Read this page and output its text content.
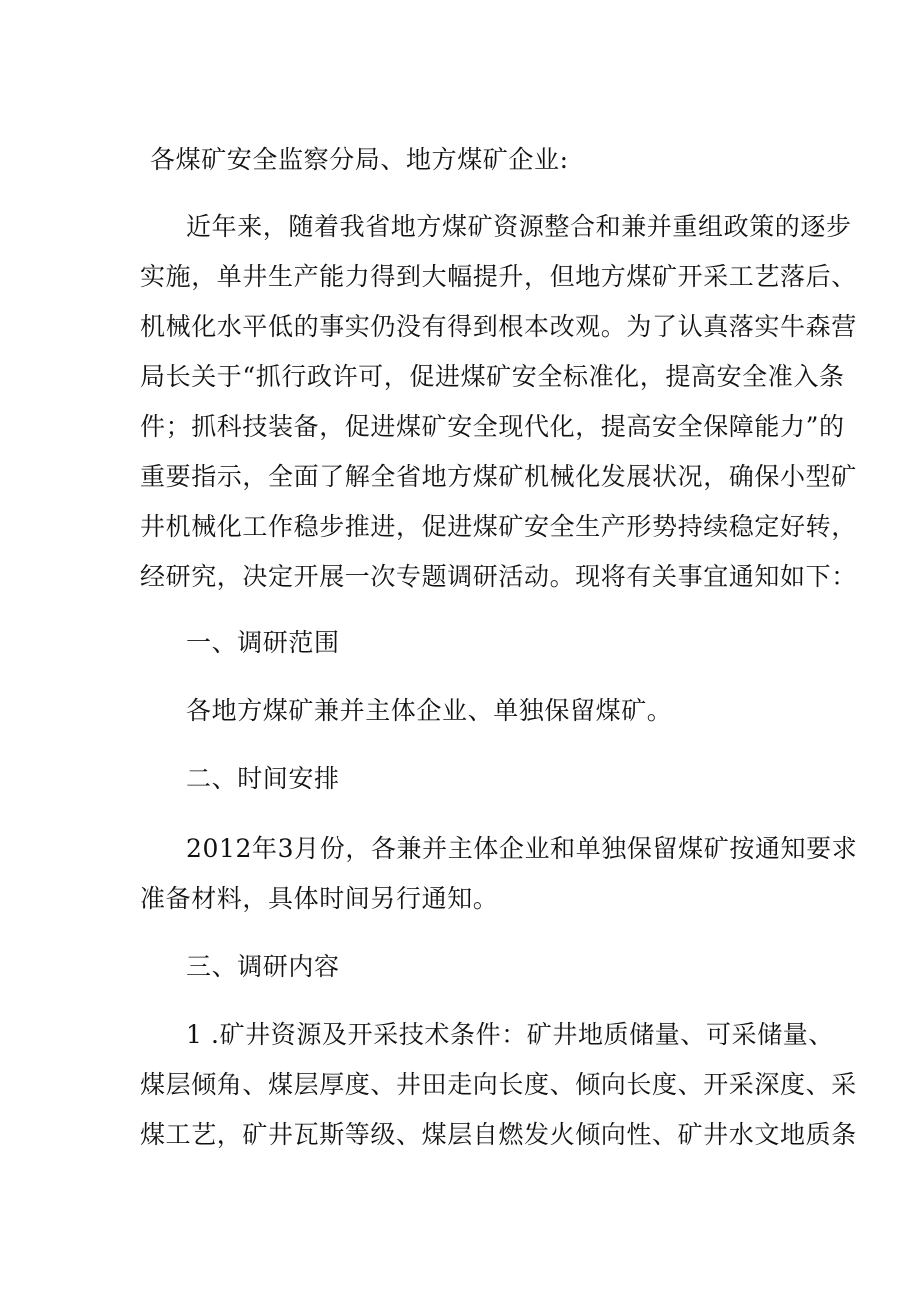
各煤矿安全监察分局、地方煤矿企业:
近年来，随着我省地方煤矿资源整合和兼并重组政策的逐步
实施，单井生产能力得到大幅提升，但地方煤矿开采工艺落后、
机械化水平低的事实仍没有得到根本改观。为了认真落实牛森营
局长关于“抓行政许可，促进煤矿安全标准化，提高安全准入条
件；抓科技装备，促进煤矿安全现代化，提高安全保障能力”的
重要指示，全面了解全省地方煤矿机械化发展状况，确保小型矿
井机械化工作稳步推进，促进煤矿安全生产形势持续稳定好转，
经研究，决定开展一次专题调研活动。现将有关事宜通知如下：
一、调研范围
各地方煤矿兼并主体企业、单独保留煤矿。
二、时间安排
2012年3月份，各兼并主体企业和单独保留煤矿按通知要求
准备材料，具体时间另行通知。
三、调研内容
1 .矿井资源及开采技术条件：矿井地质储量、可采储量、
煤层倾角、煤层厚度、井田走向长度、倾向长度、开采深度、采
煤工艺，矿井瓦斯等级、煤层自燃发火倾向性、矿井水文地质条
